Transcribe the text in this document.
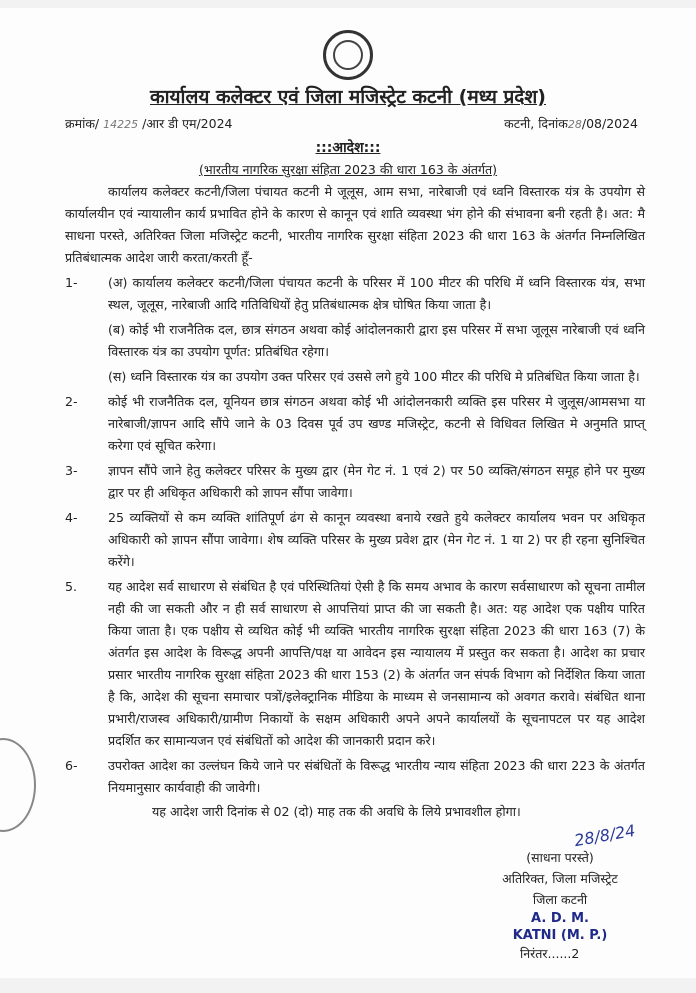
कार्यालय कलेक्टर एवं जिला मजिस्ट्रेट कटनी (मध्य प्रदेश)
क्रमांक/ 14225 /आर डी एम/2024	कटनी, दिनांक28/08/2024
:::आदेश:::
(भारतीय नागरिक सुरक्षा संहिता 2023 की धारा 163 के अंतर्गत)

कार्यालय कलेक्टर कटनी/जिला पंचायत कटनी मे जूलूस, आम सभा, नारेबाजी एवं ध्वनि विस्तारक यंत्र के उपयोग से कार्यालयीन एवं न्यायालीन कार्य प्रभावित होने के कारण से कानून एवं शाति व्यवस्था भंग होने की संभावना बनी रहती है। अत: मै साधना परस्ते, अतिरिक्त जिला मजिस्ट्रेट कटनी, भारतीय नागरिक सुरक्षा संहिता 2023 की धारा 163 के अंतर्गत निम्नलिखित प्रतिबंधात्मक आदेश जारी करता/करती हूँ-

1-	(अ) कार्यालय कलेक्टर कटनी/जिला पंचायत कटनी के परिसर में 100 मीटर की परिधि में ध्वनि विस्तारक यंत्र, सभा स्थल, जूलूस, नारेबाजी आदि गतिविधियों हेतु प्रतिबंधात्मक क्षेत्र घोषित किया जाता है।

(ब) कोई भी राजनैतिक दल, छात्र संगठन अथवा कोई आंदोलनकारी द्वारा इस परिसर में सभा जूलूस नारेबाजी एवं ध्वनि विस्तारक यंत्र का उपयोग पूर्णत: प्रतिबंधित रहेगा।

(स) ध्वनि विस्तारक यंत्र का उपयोग उक्त परिसर एवं उससे लगे हुये 100 मीटर की परिधि मे प्रतिबंधित किया जाता है।

2-	कोई भी राजनैतिक दल, यूनियन छात्र संगठन अथवा कोई भी आंदोलनकारी व्यक्ति इस परिसर मे जुलूस/आमसभा या नारेबाजी/ज्ञापन आदि सौंपे जाने के 03 दिवस पूर्व उप खण्ड मजिस्ट्रेट, कटनी से विधिवत लिखित मे अनुमति प्राप्त् करेगा एवं सूचित करेगा।

3-	ज्ञापन सौंपे जाने हेतु कलेक्टर परिसर के मुख्य द्वार (मेन गेट नं. 1 एवं 2) पर 50 व्यक्ति/संगठन समूह होने पर मुख्य द्वार पर ही अधिकृत अधिकारी को ज्ञापन सौंपा जावेगा।

4-	25 व्यक्तियों से कम व्यक्ति शांतिपूर्ण ढंग से कानून व्यवस्था बनाये रखते हुये कलेक्टर कार्यालय भवन पर अधिकृत अधिकारी को ज्ञापन सौंपा जावेगा। शेष व्यक्ति परिसर के मुख्य प्रवेश द्वार (मेन गेट नं. 1 या 2) पर ही रहना सुनिश्चित करेंगे।

5.	यह आदेश सर्व साधारण से संबंधित है एवं परिस्थितियां ऐसी है कि समय अभाव के कारण सर्वसाधारण को सूचना तामील नही की जा सकती और न ही सर्व साधारण से आपत्तियां प्राप्त की जा सकती है। अत: यह आदेश एक पक्षीय पारित किया जाता है। एक पक्षीय से व्यथित कोई भी व्यक्ति भारतीय नागरिक सुरक्षा संहिता 2023 की धारा 163 (7) के अंतर्गत इस आदेश के विरूद्ध अपनी आपत्ति/पक्ष या आवेदन इस न्यायालय में प्रस्तुत कर सकता है। आदेश का प्रचार प्रसार भारतीय नागरिक सुरक्षा संहिता 2023 की धारा 153 (2) के अंतर्गत जन संपर्क विभाग को निर्देशित किया जाता है कि, आदेश की सूचना समाचार पत्रों/इलेक्ट्रानिक मीडिया के माध्यम से जनसामान्य को अवगत करावे। संबंधित थाना प्रभारी/राजस्व अधिकारी/ग्रामीण निकायों के सक्षम अधिकारी अपने अपने कार्यालयों के सूचनापटल पर यह आदेश प्रदर्शित कर सामान्यजन एवं संबंधितों को आदेश की जानकारी प्रदान करे।

6-	उपरोक्त आदेश का उल्लंघन किये जाने पर संबंधितों के विरूद्ध भारतीय न्याय संहिता 2023 की धारा 223 के अंतर्गत नियमानुसार कार्यवाही की जावेगी।

यह आदेश जारी दिनांक से 02 (दो) माह तक की अवधि के लिये प्रभावशील होगा।

28/8/24
(साधना परस्ते)
अतिरिक्त, जिला मजिस्ट्रेट
जिला कटनी
A. D. M.
KATNI (M. P.)
निरंतर......2
